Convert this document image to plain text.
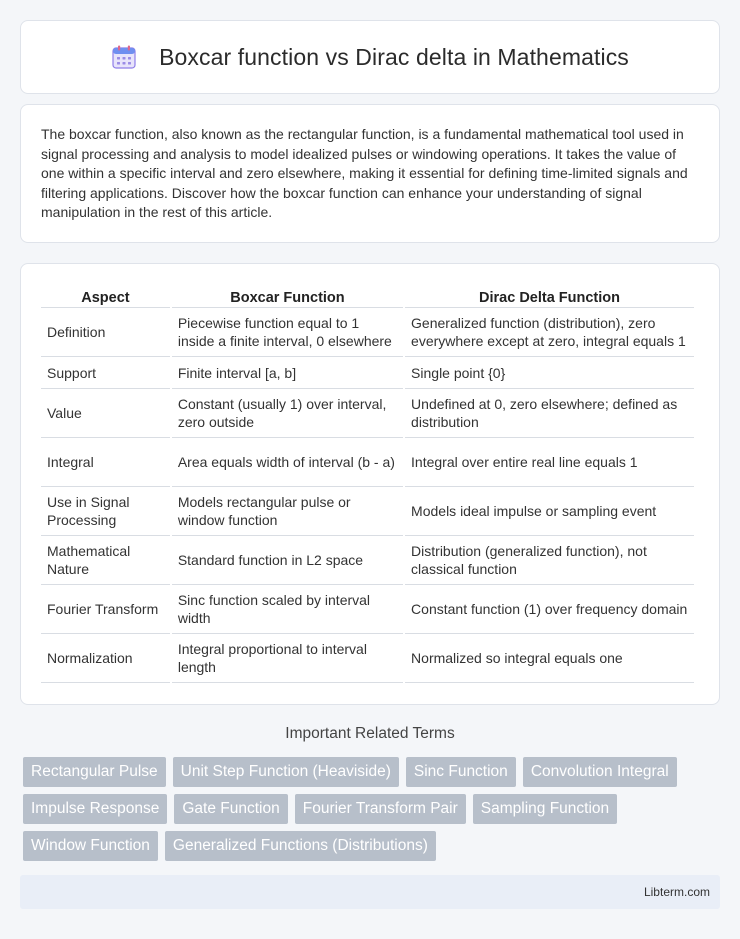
Boxcar function vs Dirac delta in Mathematics

The boxcar function, also known as the rectangular function, is a fundamental mathematical tool used in signal processing and analysis to model idealized pulses or windowing operations. It takes the value of one within a specific interval and zero elsewhere, making it essential for defining time-limited signals and filtering applications. Discover how the boxcar function can enhance your understanding of signal manipulation in the rest of this article.

Aspect	Boxcar Function	Dirac Delta Function
Definition	Piecewise function equal to 1 inside a finite interval, 0 elsewhere	Generalized function (distribution), zero everywhere except at zero, integral equals 1
Support	Finite interval [a, b]	Single point {0}
Value	Constant (usually 1) over interval, zero outside	Undefined at 0, zero elsewhere; defined as distribution
Integral	Area equals width of interval (b - a)	Integral over entire real line equals 1
Use in Signal Processing	Models rectangular pulse or window function	Models ideal impulse or sampling event
Mathematical Nature	Standard function in L2 space	Distribution (generalized function), not classical function
Fourier Transform	Sinc function scaled by interval width	Constant function (1) over frequency domain
Normalization	Integral proportional to interval length	Normalized so integral equals one
Important Related Terms
Rectangular Pulse	Unit Step Function (Heaviside)	Sinc Function	Convolution Integral
Impulse Response	Gate Function	Fourier Transform Pair	Sampling Function
Window Function	Generalized Functions (Distributions)
Libterm.com
